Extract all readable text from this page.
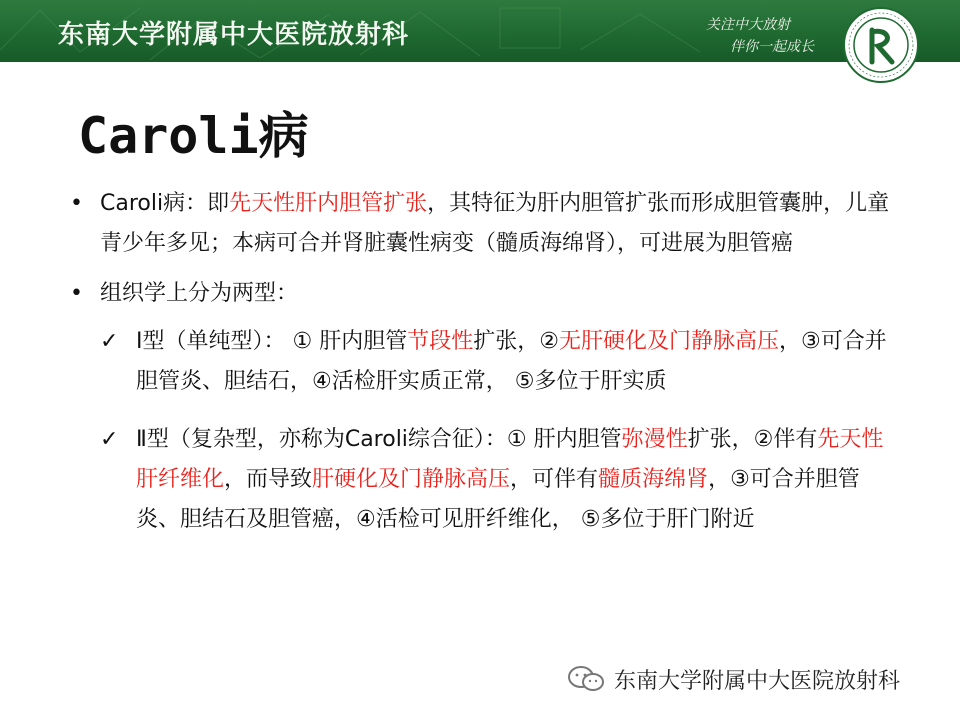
东南大学附属中大医院放射科	关注中大放射
伴你一起成长
Caroli病
• Caroli病：即先天性肝内胆管扩张，其特征为肝内胆管扩张而形成胆管囊肿，儿童青少年多见；本病可合并肾脏囊性病变（髓质海绵肾），可进展为胆管癌
• 组织学上分为两型：
✓ Ⅰ型（单纯型）： ① 肝内胆管节段性扩张，②无肝硬化及门静脉高压，③可合并胆管炎、胆结石，④活检肝实质正常， ⑤多位于肝实质
✓ Ⅱ型（复杂型，亦称为Caroli综合征）：① 肝内胆管弥漫性扩张，②伴有先天性肝纤维化，而导致肝硬化及门静脉高压，可伴有髓质海绵肾，③可合并胆管炎、胆结石及胆管癌，④活检可见肝纤维化， ⑤多位于肝门附近
东南大学附属中大医院放射科
